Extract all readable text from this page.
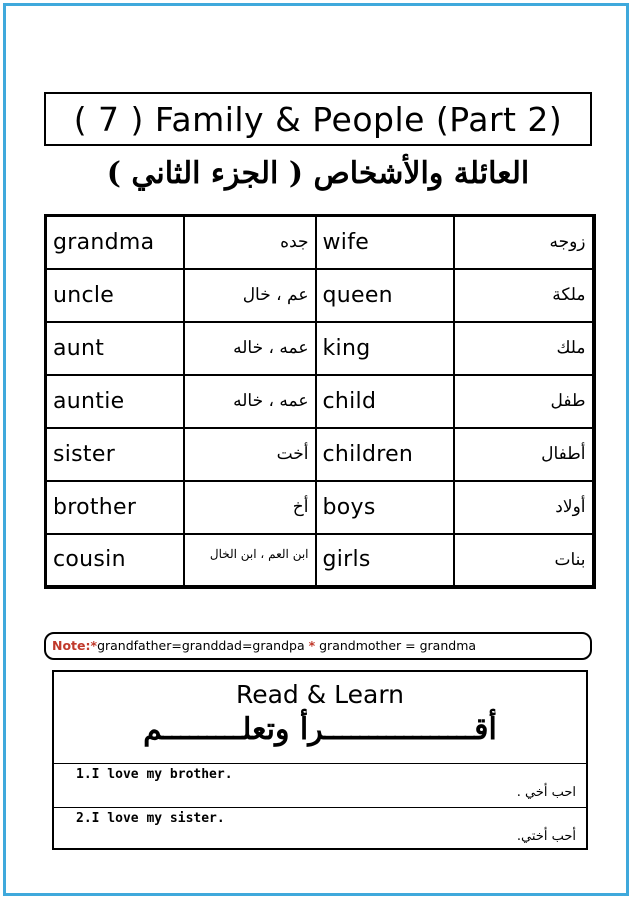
( 7 ) Family & People (Part 2)
العائلة والأشخاص ( الجزء الثاني )
grandma	جده	wife	زوجه
uncle	عم ، خال	queen	ملكة
aunt	عمه ، خاله	king	ملك
auntie	عمه ، خاله	child	طفل
sister	أخت	children	أطفال
brother	أخ	boys	أولاد
cousin	ابن العم ، ابن الخال	girls	بنات
Note:*grandfather=granddad=grandpa * grandmother = grandma
Read & Learn
أقـــــــــــــــــرأ وتعلـــــــــم
1.I love my brother.
احب أخي .
2.I love my sister.
أحب أختي.
